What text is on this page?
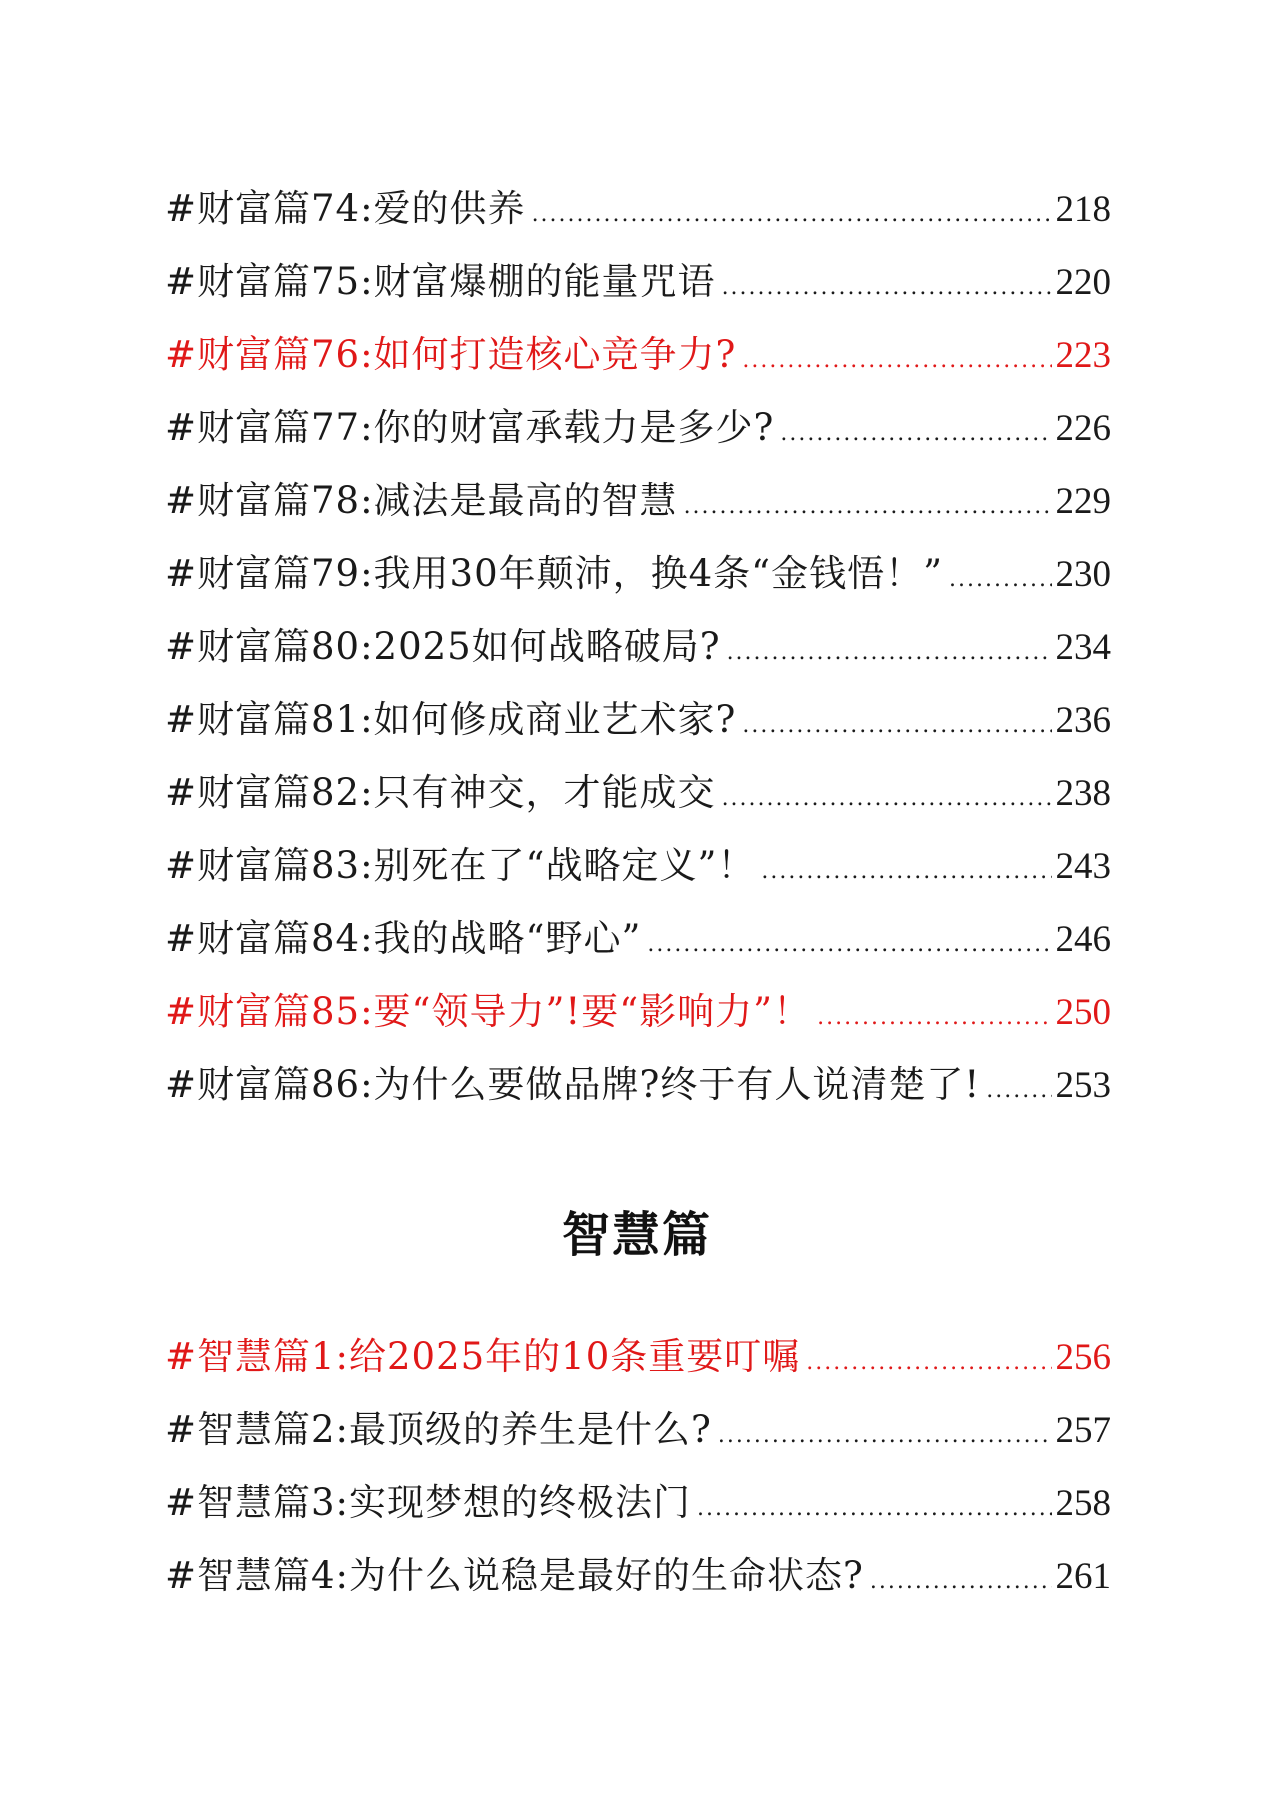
#财富篇74:爱的供养 .....	218
#财富篇75:财富爆棚的能量咒语 .....	220
#财富篇76:如何打造核心竞争力? .....	223
#财富篇77:你的财富承载力是多少? .....	226
#财富篇78:减法是最高的智慧 .....	229
#财富篇79:我用30年颠沛，换4条“金钱悟！” .....	230
#财富篇80:2025如何战略破局? .....	234
#财富篇81:如何修成商业艺术家? .....	236
#财富篇82:只有神交，才能成交 .....	238
#财富篇83:别死在了“战略定义”！ .....	243
#财富篇84:我的战略“野心” .....	246
#财富篇85:要“领导力”!要“影响力”！ .....	250
#财富篇86:为什么要做品牌?终于有人说清楚了! ..... 253
智慧篇
#智慧篇1:给2025年的10条重要叮嘱 .....	256
#智慧篇2:最顶级的养生是什么? .....	257
#智慧篇3:实现梦想的终极法门 .....	258
#智慧篇4:为什么说稳是最好的生命状态? .....	261
